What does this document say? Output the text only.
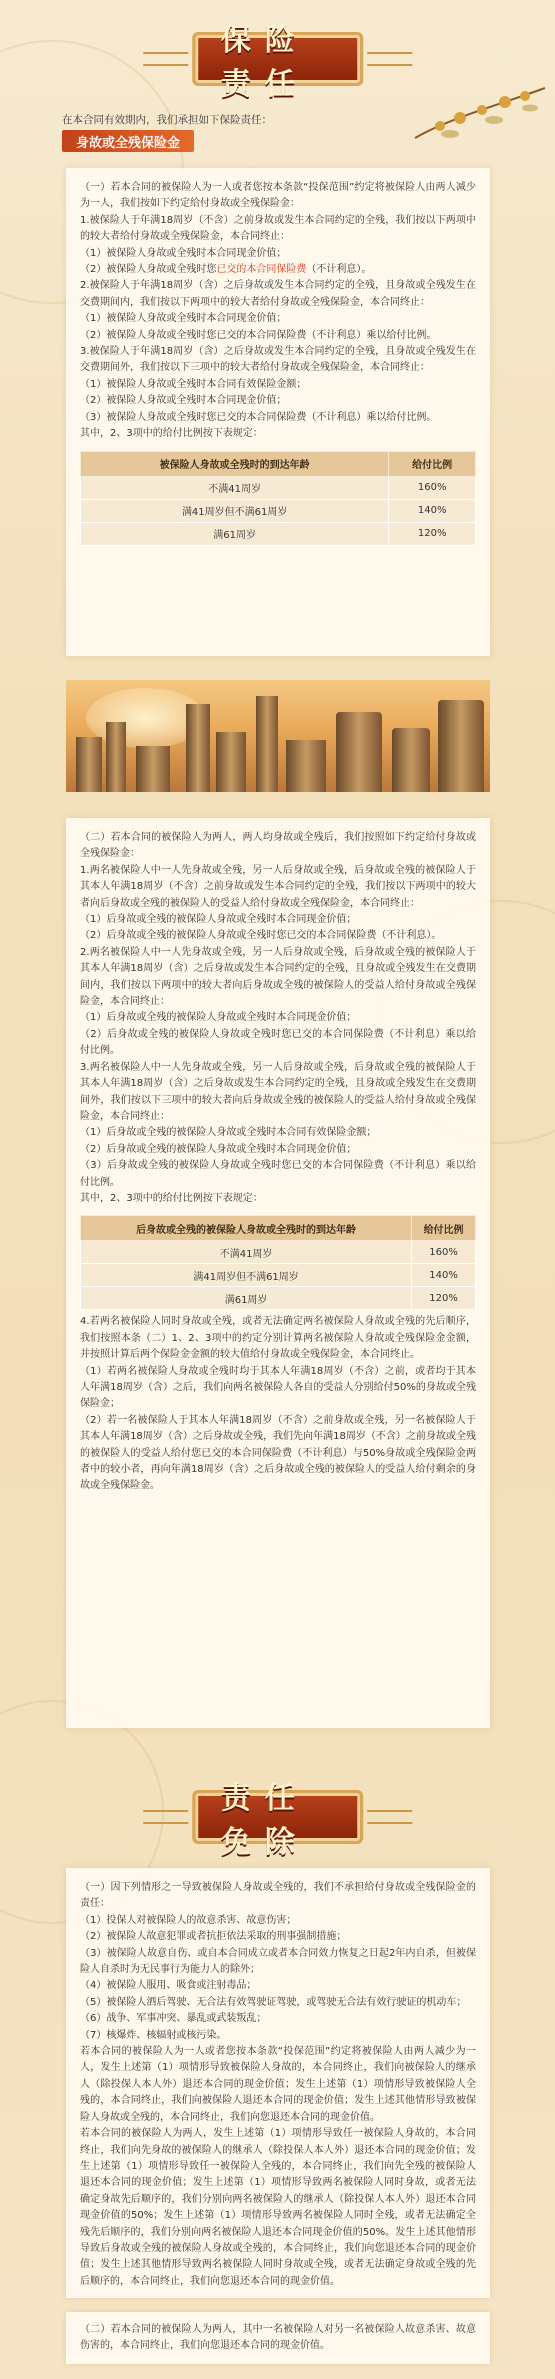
保险责任
在本合同有效期内，我们承担如下保险责任：
身故或全残保险金

（一）若本合同的被保险人为一人或者您按本条款“投保范围”约定将被保险人由两人减少为一人，我们按如下约定给付身故或全残保险金：

1.被保险人于年满18周岁（不含）之前身故或发生本合同约定的全残，我们按以下两项中的较大者给付身故或全残保险金，本合同终止：

（1）被保险人身故或全残时本合同现金价值；

（2）被保险人身故或全残时您已交的本合同保险费（不计利息）。

2.被保险人于年满18周岁（含）之后身故或发生本合同约定的全残，且身故或全残发生在交费期间内，我们按以下两项中的较大者给付身故或全残保险金，本合同终止：

（1）被保险人身故或全残时本合同现金价值；

（2）被保险人身故或全残时您已交的本合同保险费（不计利息）乘以给付比例。

3.被保险人于年满18周岁（含）之后身故或发生本合同约定的全残，且身故或全残发生在交费期间外，我们按以下三项中的较大者给付身故或全残保险金，本合同终止：

（1）被保险人身故或全残时本合同有效保险金额；

（2）被保险人身故或全残时本合同现金价值；

（3）被保险人身故或全残时您已交的本合同保险费（不计利息）乘以给付比例。

其中，2、3项中的给付比例按下表规定：

被保险人身故或全残时的到达年龄	给付比例
不满41周岁	160%
满41周岁但不满61周岁	140%
满61周岁	120%

（二）若本合同的被保险人为两人，两人均身故或全残后，我们按照如下约定给付身故或全残保险金：

1.两名被保险人中一人先身故或全残，另一人后身故或全残，后身故或全残的被保险人于其本人年满18周岁（不含）之前身故或发生本合同约定的全残，我们按以下两项中的较大者向后身故或全残的被保险人的受益人给付身故或全残保险金，本合同终止：

（1）后身故或全残的被保险人身故或全残时本合同现金价值；

（2）后身故或全残的被保险人身故或全残时您已交的本合同保险费（不计利息）。

2.两名被保险人中一人先身故或全残，另一人后身故或全残，后身故或全残的被保险人于其本人年满18周岁（含）之后身故或发生本合同约定的全残，且身故或全残发生在交费期间内，我们按以下两项中的较大者向后身故或全残的被保险人的受益人给付身故或全残保险金，本合同终止：

（1）后身故或全残的被保险人身故或全残时本合同现金价值；

（2）后身故或全残的被保险人身故或全残时您已交的本合同保险费（不计利息）乘以给付比例。

3.两名被保险人中一人先身故或全残，另一人后身故或全残，后身故或全残的被保险人于其本人年满18周岁（含）之后身故或发生本合同约定的全残，且身故或全残发生在交费期间外，我们按以下三项中的较大者向后身故或全残的被保险人的受益人给付身故或全残保险金，本合同终止：

（1）后身故或全残的被保险人身故或全残时本合同有效保险金额；

（2）后身故或全残的被保险人身故或全残时本合同现金价值；

（3）后身故或全残的被保险人身故或全残时您已交的本合同保险费（不计利息）乘以给付比例。

其中，2、3项中的给付比例按下表规定：

后身故或全残的被保险人身故或全残时的到达年龄	给付比例
不满41周岁	160%
满41周岁但不满61周岁	140%
满61周岁	120%

4.若两名被保险人同时身故或全残，或者无法确定两名被保险人身故或全残的先后顺序，我们按照本条（二）1、2、3项中的约定分别计算两名被保险人身故或全残保险金金额，并按照计算后两个保险金金额的较大值给付身故或全残保险金，本合同终止。

（1）若两名被保险人身故或全残时均于其本人年满18周岁（不含）之前，或者均于其本人年满18周岁（含）之后，我们向两名被保险人各自的受益人分别给付50%的身故或全残保险金；

（2）若一名被保险人于其本人年满18周岁（不含）之前身故或全残，另一名被保险人于其本人年满18周岁（含）之后身故或全残，我们先向年满18周岁（不含）之前身故或全残的被保险人的受益人给付您已交的本合同保险费（不计利息）与50%身故或全残保险金两者中的较小者，再向年满18周岁（含）之后身故或全残的被保险人的受益人给付剩余的身故或全残保险金。

责任免除

（一）因下列情形之一导致被保险人身故或全残的，我们不承担给付身故或全残保险金的责任：

（1）投保人对被保险人的故意杀害、故意伤害；

（2）被保险人故意犯罪或者抗拒依法采取的刑事强制措施；

（3）被保险人故意自伤、或自本合同成立或者本合同效力恢复之日起2年内自杀，但被保险人自杀时为无民事行为能力人的除外；

（4）被保险人服用、吸食或注射毒品；

（5）被保险人酒后驾驶、无合法有效驾驶证驾驶，或驾驶无合法有效行驶证的机动车；

（6）战争、军事冲突、暴乱或武装叛乱；

（7）核爆炸、核辐射或核污染。

若本合同的被保险人为一人或者您按本条款“投保范围”约定将被保险人由两人减少为一人，发生上述第（1）项情形导致被保险人身故的，本合同终止，我们向被保险人的继承人（除投保人本人外）退还本合同的现金价值；发生上述第（1）项情形导致被保险人全残的，本合同终止，我们向被保险人退还本合同的现金价值；发生上述其他情形导致被保险人身故或全残的，本合同终止，我们向您退还本合同的现金价值。

若本合同的被保险人为两人，发生上述第（1）项情形导致任一被保险人身故的，本合同终止，我们向先身故的被保险人的继承人（除投保人本人外）退还本合同的现金价值；发生上述第（1）项情形导致任一被保险人全残的，本合同终止，我们向先全残的被保险人退还本合同的现金价值；发生上述第（1）项情形导致两名被保险人同时身故，或者无法确定身故先后顺序的，我们分别向两名被保险人的继承人（除投保人本人外）退还本合同现金价值的50%；发生上述第（1）项情形导致两名被保险人同时全残，或者无法确定全残先后顺序的，我们分别向两名被保险人退还本合同现金价值的50%。发生上述其他情形导致后身故或全残的被保险人身故或全残的，本合同终止，我们向您退还本合同的现金价值；发生上述其他情形导致两名被保险人同时身故或全残，或者无法确定身故或全残的先后顺序的，本合同终止，我们向您退还本合同的现金价值。

（二）若本合同的被保险人为两人，其中一名被保险人对另一名被保险人故意杀害、故意伤害的，本合同终止，我们向您退还本合同的现金价值。
